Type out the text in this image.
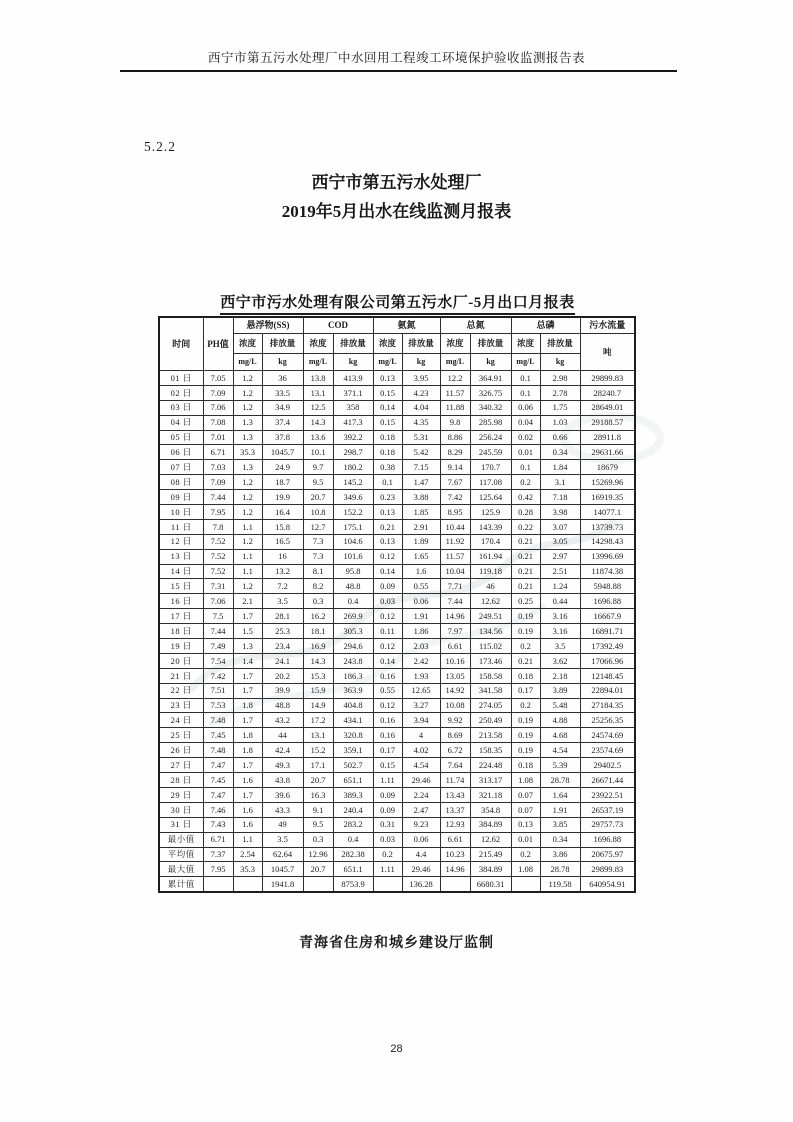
西宁市第五污水处理厂中水回用工程竣工环境保护验收监测报告表
5.2.2
西宁市第五污水处理厂
2019年5月出水在线监测月报表
西宁市污水处理有限公司第五污水厂-5月出口月报表
时间	PH值	悬浮物(SS)		COD		氨氮		总氮		总磷		污水流量
		浓度	排放量	浓度	排放量	浓度	排放量	浓度	排放量	浓度	排放量	吨
		mg/L	kg	mg/L	kg	mg/L	kg	mg/L	kg	mg/L	kg	
01 日	7.05	1.2	36	13.8	413.9	0.13	3.95	12.2	364.91	0.1	2.98	29899.83
02 日	7.09	1.2	33.5	13.1	371.1	0.15	4.23	11.57	326.75	0.1	2.78	28240.7
03 日	7.06	1.2	34.9	12.5	358	0.14	4.04	11.88	340.32	0.06	1.75	28649.01
04 日	7.08	1.3	37.4	14.3	417.3	0.15	4.35	9.8	285.98	0.04	1.03	29188.57
05 日	7.01	1.3	37.8	13.6	392.2	0.18	5.31	8.86	256.24	0.02	0.66	28911.8
06 日	6.71	35.3	1045.7	10.1	298.7	0.18	5.42	8.29	245.59	0.01	0.34	29631.66
07 日	7.03	1.3	24.9	9.7	180.2	0.38	7.15	9.14	170.7	0.1	1.84	18679
08 日	7.09	1.2	18.7	9.5	145.2	0.1	1.47	7.67	117.08	0.2	3.1	15269.96
09 日	7.44	1.2	19.9	20.7	349.6	0.23	3.88	7.42	125.64	0.42	7.18	16919.35
10 日	7.95	1.2	16.4	10.8	152.2	0.13	1.85	8.95	125.9	0.28	3.98	14077.1
11 日	7.8	1.1	15.8	12.7	175.1	0.21	2.91	10.44	143.39	0.22	3.07	13739.73
12 日	7.52	1.2	16.5	7.3	104.6	0.13	1.89	11.92	170.4	0.21	3.05	14298.43
13 日	7.52	1.1	16	7.3	101.6	0.12	1.65	11.57	161.94	0.21	2.97	13996.69
14 日	7.52	1.1	13.2	8.1	95.8	0.14	1.6	10.04	119.18	0.21	2.51	11874.38
15 日	7.31	1.2	7.2	8.2	48.8	0.09	0.55	7.71	46	0.21	1.24	5948.88
16 日	7.06	2.1	3.5	0.3	0.4	0.03	0.06	7.44	12.62	0.25	0.44	1696.88
17 日	7.5	1.7	28.1	16.2	269.9	0.12	1.91	14.96	249.51	0.19	3.16	16667.9
18 日	7.44	1.5	25.3	18.1	305.3	0.11	1.86	7.97	134.56	0.19	3.16	16891.71
19 日	7.49	1.3	23.4	16.9	294.6	0.12	2.03	6.61	115.02	0.2	3.5	17392.49
20 日	7.54	1.4	24.1	14.3	243.8	0.14	2.42	10.16	173.46	0.21	3.62	17066.96
21 日	7.42	1.7	20.2	15.3	186.3	0.16	1.93	13.05	158.58	0.18	2.18	12148.45
22 日	7.51	1.7	39.9	15.9	363.9	0.55	12.65	14.92	341.58	0.17	3.89	22894.01
23 日	7.53	1.8	48.8	14.9	404.8	0.12	3.27	10.08	274.05	0.2	5.48	27184.35
24 日	7.48	1.7	43.2	17.2	434.1	0.16	3.94	9.92	250.49	0.19	4.88	25256.35
25 日	7.45	1.8	44	13.1	320.8	0.16	4	8.69	213.58	0.19	4.68	24574.69
26 日	7.48	1.8	42.4	15.2	359.1	0.17	4.02	6.72	158.35	0.19	4.54	23574.69
27 日	7.47	1.7	49.3	17.1	502.7	0.15	4.54	7.64	224.48	0.18	5.39	29402.5
28 日	7.45	1.6	43.8	20.7	651.1	1.11	29.46	11.74	313.17	1.08	28.78	26671.44
29 日	7.47	1.7	39.6	16.3	389.3	0.09	2.24	13.43	321.18	0.07	1.64	23922.51
30 日	7.46	1.6	43.3	9.1	240.4	0.09	2.47	13.37	354.8	0.07	1.91	26537.19
31 日	7.43	1.6	49	9.5	283.2	0.31	9.23	12.93	384.89	0.13	3.85	29757.73
最小值	6.71	1.1	3.5	0.3	0.4	0.03	0.06	6.61	12.62	0.01	0.34	1696.88
平均值	7.37	2.54	62.64	12.96	282.38	0.2	4.4	10.23	215.49	0.2	3.86	20675.97
最大值	7.95	35.3	1045.7	20.7	651.1	1.11	29.46	14.96	384.89	1.08	28.78	29899.83
累计值			1941.8		8753.9		136.28		6680.31		119.58	640954.91
青海省住房和城乡建设厅监制
28
